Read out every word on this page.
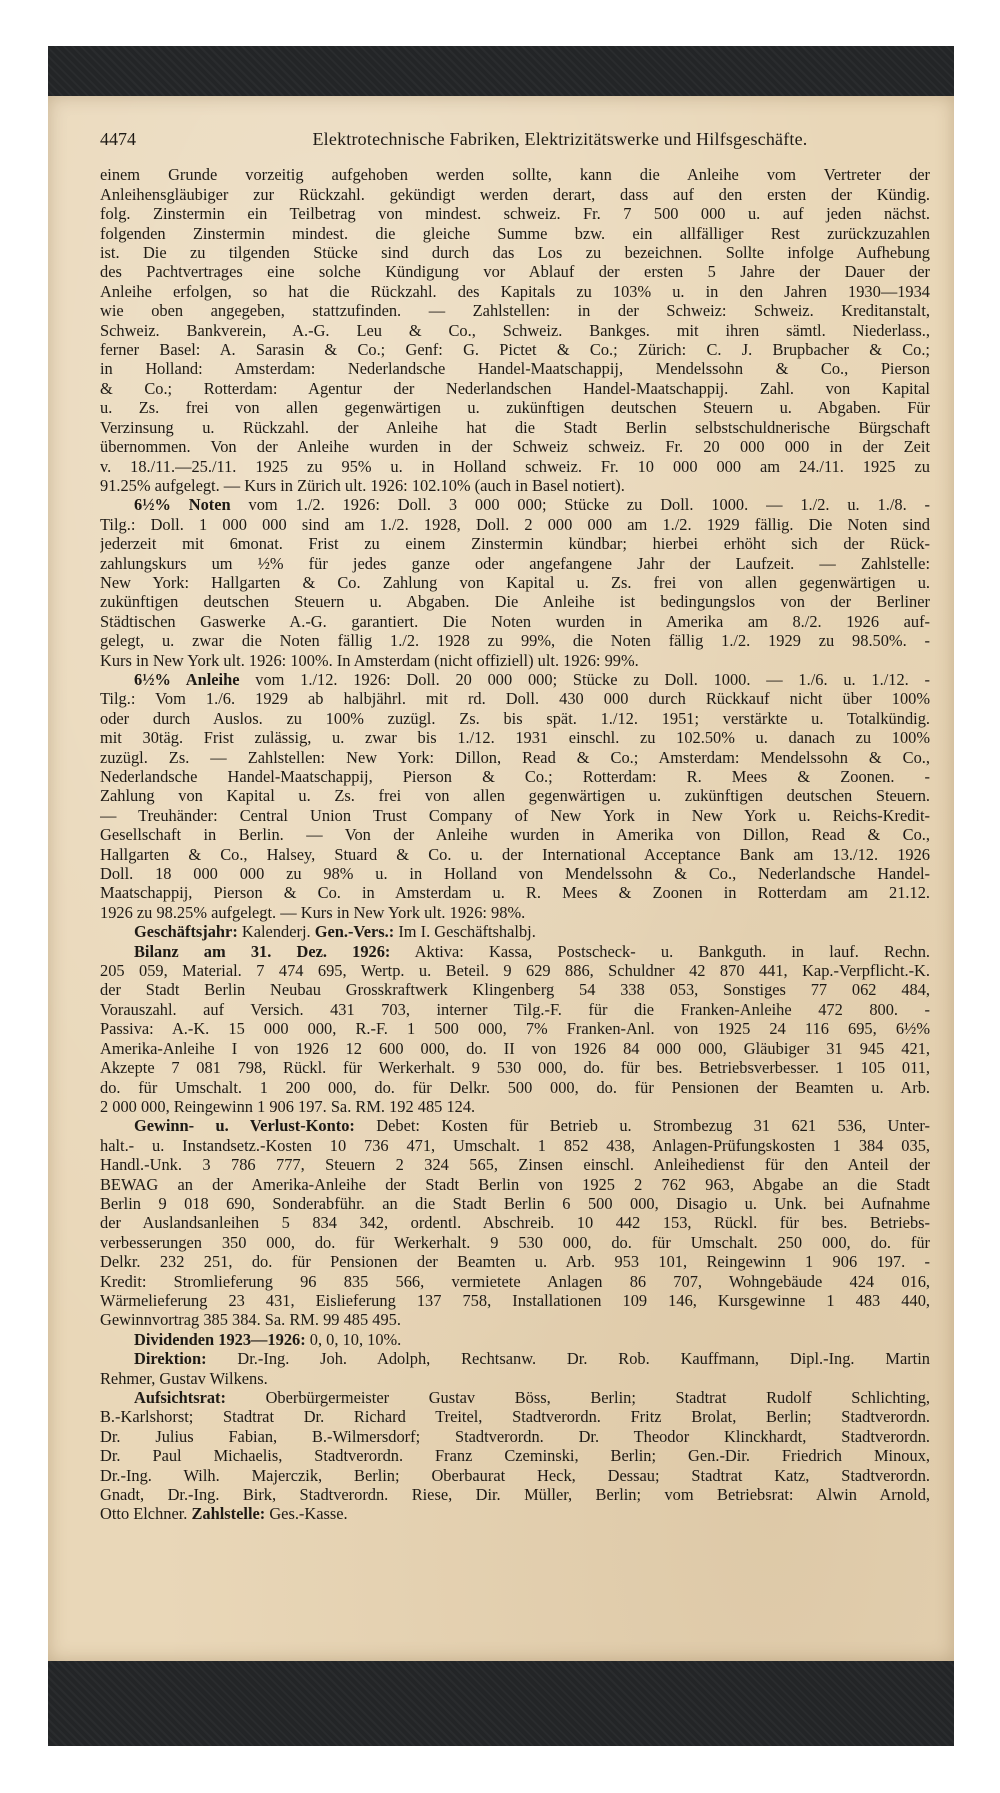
4474	Elektrotechnische Fabriken, Elektrizitätswerke und Hilfsgeschäfte.
einem Grunde vorzeitig aufgehoben werden sollte, kann die Anleihe vom Vertreter der
Anleihensgläubiger zur Rückzahl. gekündigt werden derart, dass auf den ersten der Kündig.
folg. Zinstermin ein Teilbetrag von mindest. schweiz. Fr. 7 500 000 u. auf jeden nächst.
folgenden Zinstermin mindest. die gleiche Summe bzw. ein allfälliger Rest zurückzuzahlen
ist. Die zu tilgenden Stücke sind durch das Los zu bezeichnen. Sollte infolge Aufhebung
des Pachtvertrages eine solche Kündigung vor Ablauf der ersten 5 Jahre der Dauer der
Anleihe erfolgen, so hat die Rückzahl. des Kapitals zu 103% u. in den Jahren 1930—1934
wie oben angegeben, stattzufinden. — Zahlstellen: in der Schweiz: Schweiz. Kreditanstalt,
Schweiz. Bankverein, A.-G. Leu & Co., Schweiz. Bankges. mit ihren sämtl. Niederlass.,
ferner Basel: A. Sarasin & Co.; Genf: G. Pictet & Co.; Zürich: C. J. Brupbacher & Co.;
in Holland: Amsterdam: Nederlandsche Handel-Maatschappij, Mendelssohn & Co., Pierson
& Co.; Rotterdam: Agentur der Nederlandschen Handel-Maatschappij. Zahl. von Kapital
u. Zs. frei von allen gegenwärtigen u. zukünftigen deutschen Steuern u. Abgaben. Für
Verzinsung u. Rückzahl. der Anleihe hat die Stadt Berlin selbstschuldnerische Bürgschaft
übernommen. Von der Anleihe wurden in der Schweiz schweiz. Fr. 20 000 000 in der Zeit
v. 18./11.—25./11. 1925 zu 95% u. in Holland schweiz. Fr. 10 000 000 am 24./11. 1925 zu
91.25% aufgelegt. — Kurs in Zürich ult. 1926: 102.10% (auch in Basel notiert).
6½% Noten vom 1./2. 1926: Doll. 3 000 000; Stücke zu Doll. 1000. — 1./2. u. 1./8. -
Tilg.: Doll. 1 000 000 sind am 1./2. 1928, Doll. 2 000 000 am 1./2. 1929 fällig. Die Noten sind
jederzeit mit 6monat. Frist zu einem Zinstermin kündbar; hierbei erhöht sich der Rück-
zahlungskurs um ½% für jedes ganze oder angefangene Jahr der Laufzeit. — Zahlstelle:
New York: Hallgarten & Co. Zahlung von Kapital u. Zs. frei von allen gegenwärtigen u.
zukünftigen deutschen Steuern u. Abgaben. Die Anleihe ist bedingungslos von der Berliner
Städtischen Gaswerke A.-G. garantiert. Die Noten wurden in Amerika am 8./2. 1926 auf-
gelegt, u. zwar die Noten fällig 1./2. 1928 zu 99%, die Noten fällig 1./2. 1929 zu 98.50%. -
Kurs in New York ult. 1926: 100%. In Amsterdam (nicht offiziell) ult. 1926: 99%.
6½% Anleihe vom 1./12. 1926: Doll. 20 000 000; Stücke zu Doll. 1000. — 1./6. u. 1./12. -
Tilg.: Vom 1./6. 1929 ab halbjährl. mit rd. Doll. 430 000 durch Rückkauf nicht über 100%
oder durch Auslos. zu 100% zuzügl. Zs. bis spät. 1./12. 1951; verstärkte u. Totalkündig.
mit 30täg. Frist zulässig, u. zwar bis 1./12. 1931 einschl. zu 102.50% u. danach zu 100%
zuzügl. Zs. — Zahlstellen: New York: Dillon, Read & Co.; Amsterdam: Mendelssohn & Co.,
Nederlandsche Handel-Maatschappij, Pierson & Co.; Rotterdam: R. Mees & Zoonen. -
Zahlung von Kapital u. Zs. frei von allen gegenwärtigen u. zukünftigen deutschen Steuern.
— Treuhänder: Central Union Trust Company of New York in New York u. Reichs-Kredit-
Gesellschaft in Berlin. — Von der Anleihe wurden in Amerika von Dillon, Read & Co.,
Hallgarten & Co., Halsey, Stuard & Co. u. der International Acceptance Bank am 13./12. 1926
Doll. 18 000 000 zu 98% u. in Holland von Mendelssohn & Co., Nederlandsche Handel-
Maatschappij, Pierson & Co. in Amsterdam u. R. Mees & Zoonen in Rotterdam am 21.12.
1926 zu 98.25% aufgelegt. — Kurs in New York ult. 1926: 98%.
Geschäftsjahr: Kalenderj. Gen.-Vers.: Im I. Geschäftshalbj.
Bilanz am 31. Dez. 1926: Aktiva: Kassa, Postscheck- u. Bankguth. in lauf. Rechn.
205 059, Material. 7 474 695, Wertp. u. Beteil. 9 629 886, Schuldner 42 870 441, Kap.-Verpflicht.-K.
der Stadt Berlin Neubau Grosskraftwerk Klingenberg 54 338 053, Sonstiges 77 062 484,
Vorauszahl. auf Versich. 431 703, interner Tilg.-F. für die Franken-Anleihe 472 800. -
Passiva: A.-K. 15 000 000, R.-F. 1 500 000, 7% Franken-Anl. von 1925 24 116 695, 6½%
Amerika-Anleihe I von 1926 12 600 000, do. II von 1926 84 000 000, Gläubiger 31 945 421,
Akzepte 7 081 798, Rückl. für Werkerhalt. 9 530 000, do. für bes. Betriebsverbesser. 1 105 011,
do. für Umschalt. 1 200 000, do. für Delkr. 500 000, do. für Pensionen der Beamten u. Arb.
2 000 000, Reingewinn 1 906 197. Sa. RM. 192 485 124.
Gewinn- u. Verlust-Konto: Debet: Kosten für Betrieb u. Strombezug 31 621 536, Unter-
halt.- u. Instandsetz.-Kosten 10 736 471, Umschalt. 1 852 438, Anlagen-Prüfungskosten 1 384 035,
Handl.-Unk. 3 786 777, Steuern 2 324 565, Zinsen einschl. Anleihedienst für den Anteil der
BEWAG an der Amerika-Anleihe der Stadt Berlin von 1925 2 762 963, Abgabe an die Stadt
Berlin 9 018 690, Sonderabführ. an die Stadt Berlin 6 500 000, Disagio u. Unk. bei Aufnahme
der Auslandsanleihen 5 834 342, ordentl. Abschreib. 10 442 153, Rückl. für bes. Betriebs-
verbesserungen 350 000, do. für Werkerhalt. 9 530 000, do. für Umschalt. 250 000, do. für
Delkr. 232 251, do. für Pensionen der Beamten u. Arb. 953 101, Reingewinn 1 906 197. -
Kredit: Stromlieferung 96 835 566, vermietete Anlagen 86 707, Wohngebäude 424 016,
Wärmelieferung 23 431, Eislieferung 137 758, Installationen 109 146, Kursgewinne 1 483 440,
Gewinnvortrag 385 384. Sa. RM. 99 485 495.
Dividenden 1923—1926: 0, 0, 10, 10%.
Direktion: Dr.-Ing. Joh. Adolph, Rechtsanw. Dr. Rob. Kauffmann, Dipl.-Ing. Martin
Rehmer, Gustav Wilkens.
Aufsichtsrat: Oberbürgermeister Gustav Böss, Berlin; Stadtrat Rudolf Schlichting,
B.-Karlshorst; Stadtrat Dr. Richard Treitel, Stadtverordn. Fritz Brolat, Berlin; Stadtverordn.
Dr. Julius Fabian, B.-Wilmersdorf; Stadtverordn. Dr. Theodor Klinckhardt, Stadtverordn.
Dr. Paul Michaelis, Stadtverordn. Franz Czeminski, Berlin; Gen.-Dir. Friedrich Minoux,
Dr.-Ing. Wilh. Majerczik, Berlin; Oberbaurat Heck, Dessau; Stadtrat Katz, Stadtverordn.
Gnadt, Dr.-Ing. Birk, Stadtverordn. Riese, Dir. Müller, Berlin; vom Betriebsrat: Alwin Arnold,
Otto Elchner. Zahlstelle: Ges.-Kasse.
